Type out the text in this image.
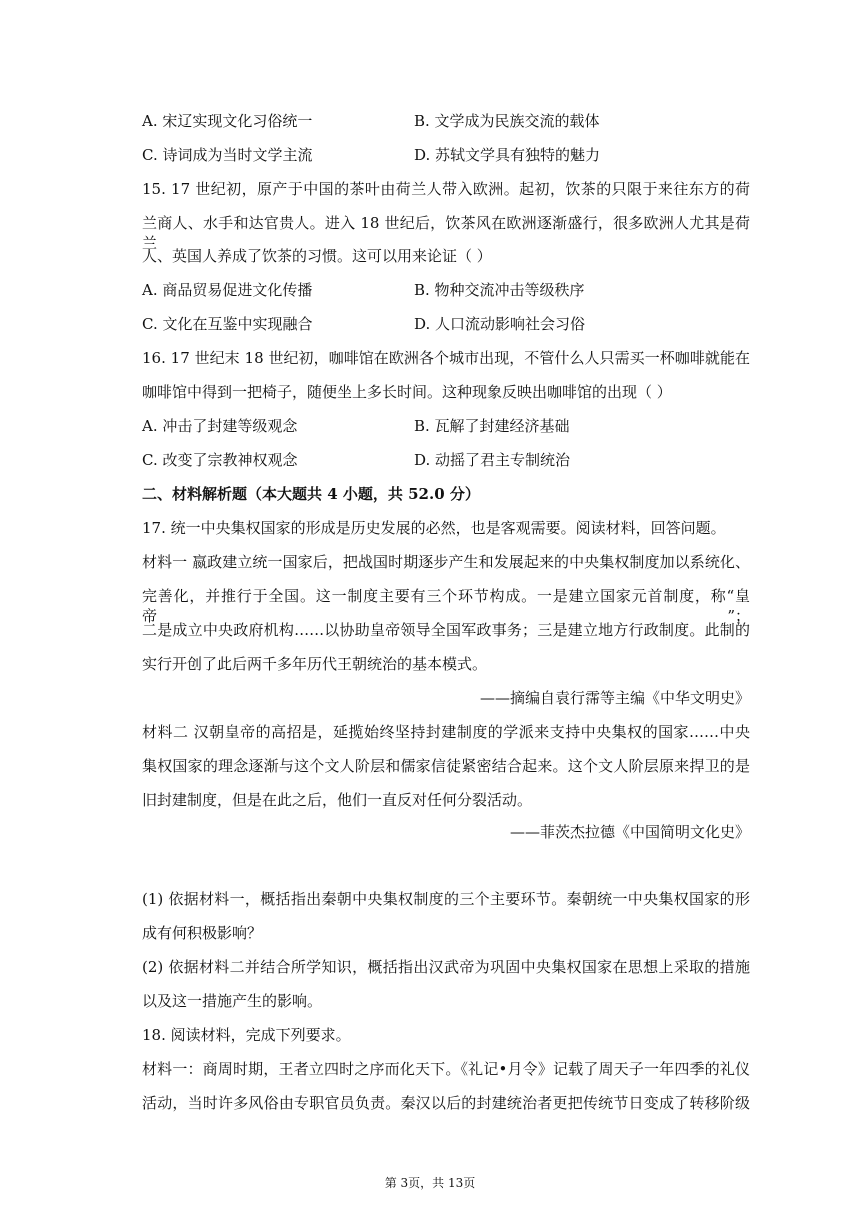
A. 宋辽实现文化习俗统一	B. 文学成为民族交流的载体
C. 诗词成为当时文学主流	D. 苏轼文学具有独特的魅力
15. 17 世纪初，原产于中国的茶叶由荷兰人带入欧洲。起初，饮茶的只限于来往东方的荷
兰商人、水手和达官贵人。进入 18 世纪后，饮茶风在欧洲逐渐盛行，很多欧洲人尤其是荷兰
人、英国人养成了饮茶的习惯。这可以用来论证（ ）
A. 商品贸易促进文化传播	B. 物种交流冲击等级秩序
C. 文化在互鉴中实现融合	D. 人口流动影响社会习俗
16. 17 世纪末 18 世纪初，咖啡馆在欧洲各个城市出现，不管什么人只需买一杯咖啡就能在
咖啡馆中得到一把椅子，随便坐上多长时间。这种现象反映出咖啡馆的出现（ ）
A. 冲击了封建等级观念	B. 瓦解了封建经济基础
C. 改变了宗教神权观念	D. 动摇了君主专制统治
二、材料解析题（本大题共 4 小题，共 52.0 分）
17. 统一中央集权国家的形成是历史发展的必然，也是客观需要。阅读材料，回答问题。
材料一 嬴政建立统一国家后，把战国时期逐步产生和发展起来的中央集权制度加以系统化、
完善化，并推行于全国。这一制度主要有三个环节构成。一是建立国家元首制度，称“皇帝”；
二是成立中央政府机构……以协助皇帝领导全国军政事务；三是建立地方行政制度。此制的
实行开创了此后两千多年历代王朝统治的基本模式。
——摘编自袁行霈等主编《中华文明史》
材料二 汉朝皇帝的高招是，延揽始终坚持封建制度的学派来支持中央集权的国家……中央
集权国家的理念逐渐与这个文人阶层和儒家信徒紧密结合起来。这个文人阶层原来捍卫的是
旧封建制度，但是在此之后，他们一直反对任何分裂活动。
——菲茨杰拉德《中国简明文化史》
(1) 依据材料一，概括指出秦朝中央集权制度的三个主要环节。秦朝统一中央集权国家的形
成有何积极影响？
(2) 依据材料二并结合所学知识，概括指出汉武帝为巩固中央集权国家在思想上采取的措施
以及这一措施产生的影响。
18. 阅读材料，完成下列要求。
材料一：商周时期，王者立四时之序而化天下。《礼记•月令》记载了周天子一年四季的礼仪
活动，当时许多风俗由专职官员负责。秦汉以后的封建统治者更把传统节日变成了转移阶级
第 3页，共 13页
